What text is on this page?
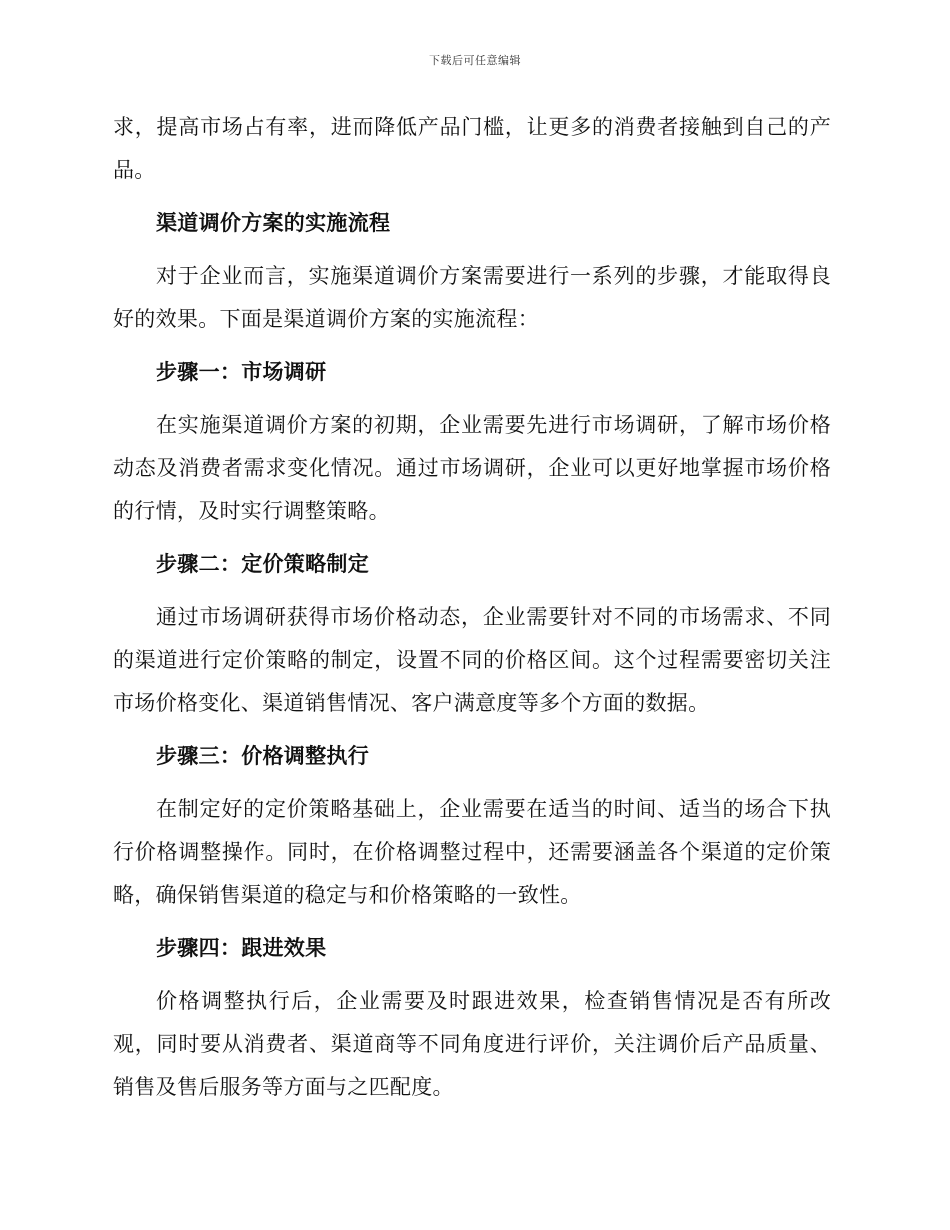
下载后可任意编辑

求，提高市场占有率，进而降低产品门槛，让更多的消费者接触到自己的产品。

渠道调价方案的实施流程

对于企业而言，实施渠道调价方案需要进行一系列的步骤，才能取得良好的效果。下面是渠道调价方案的实施流程：

步骤一：市场调研

在实施渠道调价方案的初期，企业需要先进行市场调研，了解市场价格动态及消费者需求变化情况。通过市场调研，企业可以更好地掌握市场价格的行情，及时实行调整策略。

步骤二：定价策略制定

通过市场调研获得市场价格动态，企业需要针对不同的市场需求、不同的渠道进行定价策略的制定，设置不同的价格区间。这个过程需要密切关注市场价格变化、渠道销售情况、客户满意度等多个方面的数据。

步骤三：价格调整执行

在制定好的定价策略基础上，企业需要在适当的时间、适当的场合下执行价格调整操作。同时，在价格调整过程中，还需要涵盖各个渠道的定价策略，确保销售渠道的稳定与和价格策略的一致性。

步骤四：跟进效果

价格调整执行后，企业需要及时跟进效果，检查销售情况是否有所改观，同时要从消费者、渠道商等不同角度进行评价，关注调价后产品质量、销售及售后服务等方面与之匹配度。
